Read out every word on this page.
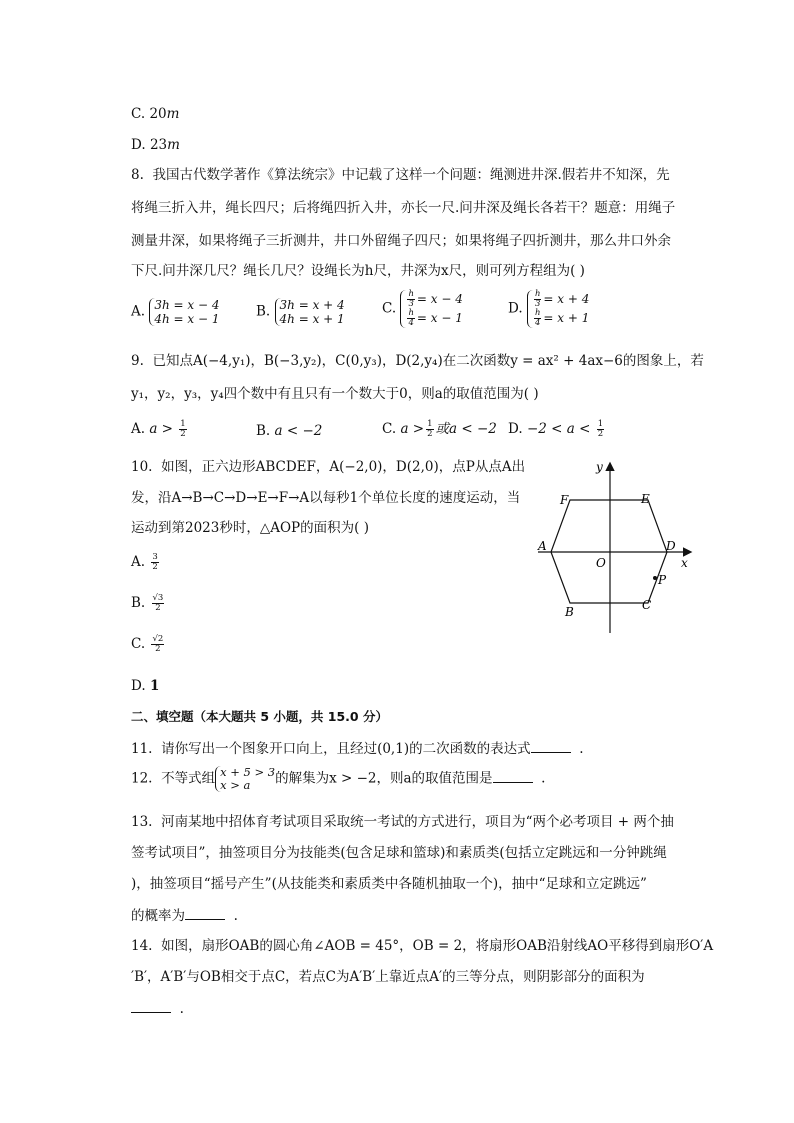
C. 20m
D. 23m
8. 我国古代数学著作《算法统宗》中记载了这样一个问题：绳测进井深.假若井不知深，先
将绳三折入井，绳长四尺；后将绳四折入井，亦长一尺.问井深及绳长各若干？题意：用绳子
测量井深，如果将绳子三折测井，井口外留绳子四尺；如果将绳子四折测井，那么井口外余
下尺.问井深几尺？绳长几尺？设绳长为h尺，井深为x尺，则可列方程组为( )
A. 3h = x − 4
4h = x − 1	B. 3h = x + 4
4h = x + 1
C. $\frac{h}{3} = x - 4$
$\frac{h}{4} = x - 1$
D. $\frac{h}{3} = x + 4$
$\frac{h}{4} = x + 1$
9. 已知点A(−4,y₁)，B(−3,y₂)，C(0,y₃)，D(2,y₄)在二次函数y = ax² + 4ax−6的图象上，若
y₁，y₂，y₃，y₄四个数中有且只有一个数大于0，则a的取值范围为( )
A. $a > \frac{1}{2}$	B. a < −2	C. $a > \frac{1}{2}$ 或a < −2 D. $-2 < a < \frac{1}{2}$
10. 如图，正六边形ABCDEF，A(−2,0)，D(2,0)，点P从点A出
发，沿A→B→C→D→E→F→A以每秒1个单位长度的速度运动，当
运动到第2023秒时，△AOP的面积为( )
A. $\frac{3}{2}$
B. $\frac{√3}{2}$
C. $\frac{√2}{2}$
D. 1
y
x
A
B	C
D
E
F
O
P
二、填空题（本大题共 5 小题，共 15.0 分）
11. 请你写出一个图象开口向上，且经过(0,1)的二次函数的表达式	.
12. 不等式组 x + 5 > 3
x > a	的解集为x > −2，则a的取值范围是	.
13. 河南某地中招体育考试项目采取统一考试的方式进行，项目为“两个必考项目 + 两个抽
签考试项目”，抽签项目分为技能类(包含足球和篮球)和素质类(包括立定跳远和一分钟跳绳
)，抽签项目“摇号产生”(从技能类和素质类中各随机抽取一个)，抽中“足球和立定跳远”
的概率为	.
14. 如图，扇形OAB的圆心角∠AOB = 45°，OB = 2，将扇形OAB沿射线AO平移得到扇形O′A
′B′，A′B′与OB相交于点C，若点C为A′B′上靠近点A′的三等分点，则阴影部分的面积为
.
